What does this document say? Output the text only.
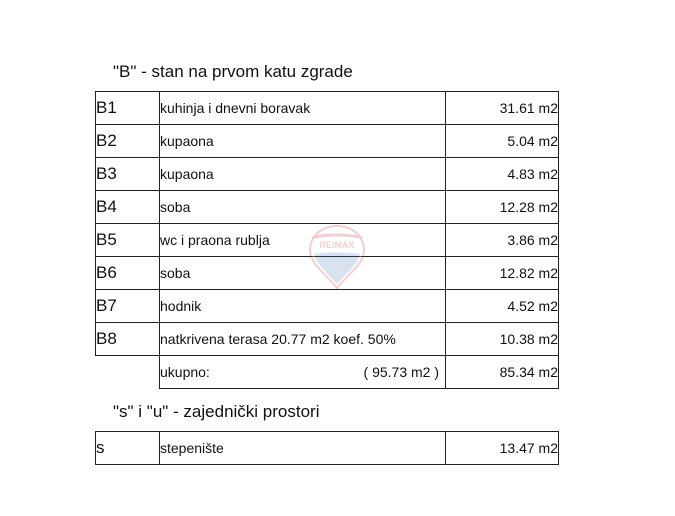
"B" - stan na prvom katu zgrade
B1	kuhinja i dnevni boravak	31.61 m2
B2	kupaona	5.04 m2
B3	kupaona	4.83 m2
B4	soba	12.28 m2
B5	wc i praona rublja	3.86 m2
B6	soba	12.82 m2
B7	hodnik	4.52 m2
B8	natkrivena terasa 20.77 m2 koef. 50%	10.38 m2

	ukupno: ( 95.73 m2 )	85.34 m2
"s" i "u" - zajednički prostori
s	stepenište	13.47 m2
RE/MAX
